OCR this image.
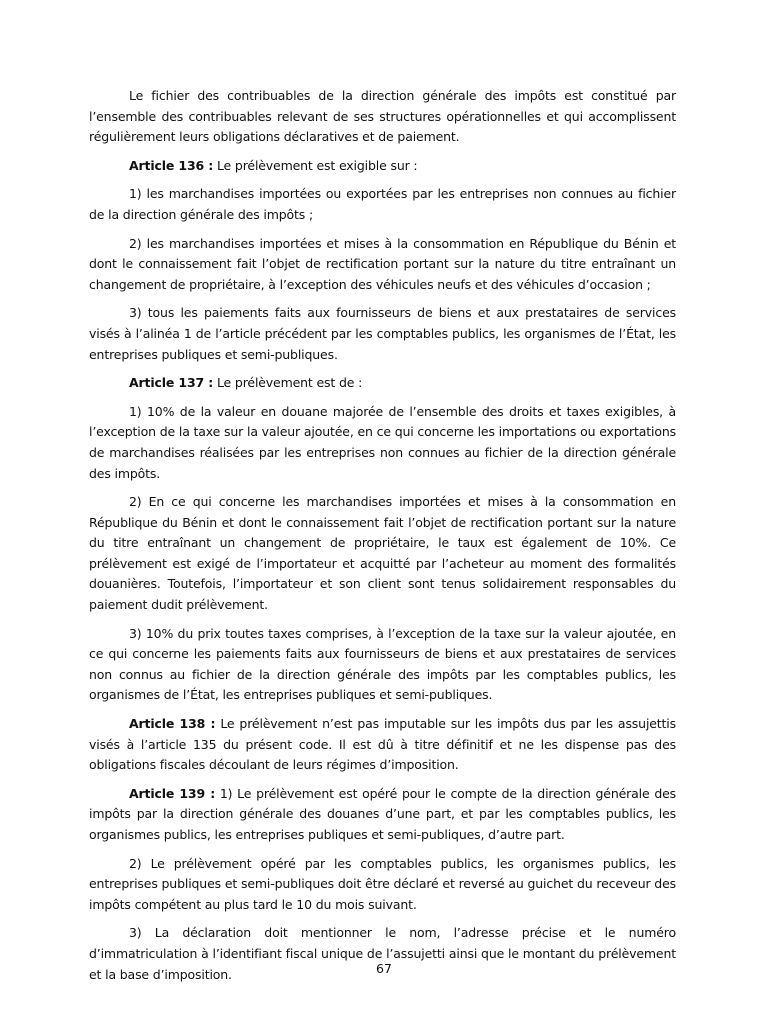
Le fichier des contribuables de la direction générale des impôts est constitué par l’ensemble des contribuables relevant de ses structures opérationnelles et qui accomplissent régulièrement leurs obligations déclaratives et de paiement.

Article 136 : Le prélèvement est exigible sur :

1) les marchandises importées ou exportées par les entreprises non connues au fichier de la direction générale des impôts ;

2) les marchandises importées et mises à la consommation en République du Bénin et dont le connaissement fait l’objet de rectification portant sur la nature du titre entraînant un changement de propriétaire, à l’exception des véhicules neufs et des véhicules d’occasion ;

3) tous les paiements faits aux fournisseurs de biens et aux prestataires de services visés à l’alinéa 1 de l’article précédent par les comptables publics, les organismes de l’État, les entreprises publiques et semi-publiques.

Article 137 : Le prélèvement est de :

1) 10% de la valeur en douane majorée de l’ensemble des droits et taxes exigibles, à l’exception de la taxe sur la valeur ajoutée, en ce qui concerne les importations ou exportations de marchandises réalisées par les entreprises non connues au fichier de la direction générale des impôts.

2) En ce qui concerne les marchandises importées et mises à la consommation en République du Bénin et dont le connaissement fait l’objet de rectification portant sur la nature du titre entraînant un changement de propriétaire, le taux est également de 10%. Ce prélèvement est exigé de l’importateur et acquitté par l’acheteur au moment des formalités douanières. Toutefois, l’importateur et son client sont tenus solidairement responsables du paiement dudit prélèvement.

3) 10% du prix toutes taxes comprises, à l’exception de la taxe sur la valeur ajoutée, en ce qui concerne les paiements faits aux fournisseurs de biens et aux prestataires de services non connus au fichier de la direction générale des impôts par les comptables publics, les organismes de l’État, les entreprises publiques et semi-publiques.

Article 138 : Le prélèvement n’est pas imputable sur les impôts dus par les assujettis visés à l’article 135 du présent code. Il est dû à titre définitif et ne les dispense pas des obligations fiscales découlant de leurs régimes d’imposition.

Article 139 : 1) Le prélèvement est opéré pour le compte de la direction générale des impôts par la direction générale des douanes d’une part, et par les comptables publics, les organismes publics, les entreprises publiques et semi-publiques, d’autre part.

2) Le prélèvement opéré par les comptables publics, les organismes publics, les entreprises publiques et semi-publiques doit être déclaré et reversé au guichet du receveur des impôts compétent au plus tard le 10 du mois suivant.

3) La déclaration doit mentionner le nom, l’adresse précise et le numéro d’immatriculation à l’identifiant fiscal unique de l’assujetti ainsi que le montant du prélèvement et la base d’imposition.	67
